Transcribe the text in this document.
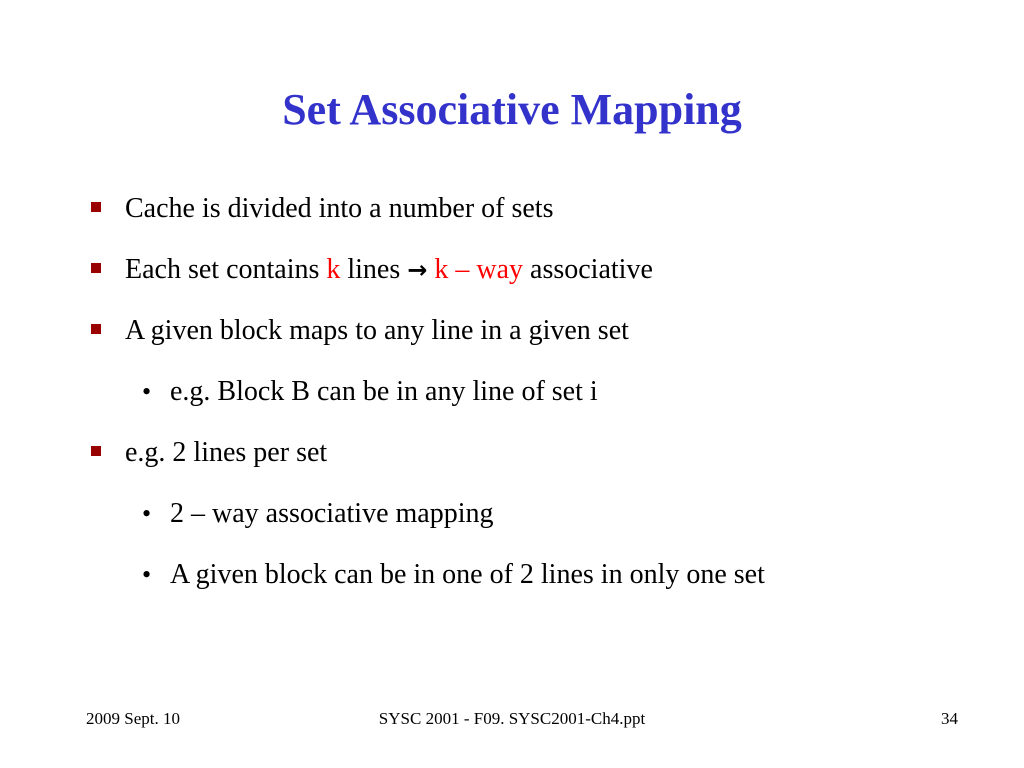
Set Associative Mapping
Cache is divided into a number of sets
Each set contains k lines → k – way associative
A given block maps to any line in a given set
• e.g. Block B can be in any line of set i
e.g. 2 lines per set
• 2 – way associative mapping
• A given block can be in one of 2 lines in only one set
2009 Sept. 10	SYSC 2001 - F09. SYSC2001-Ch4.ppt	34
